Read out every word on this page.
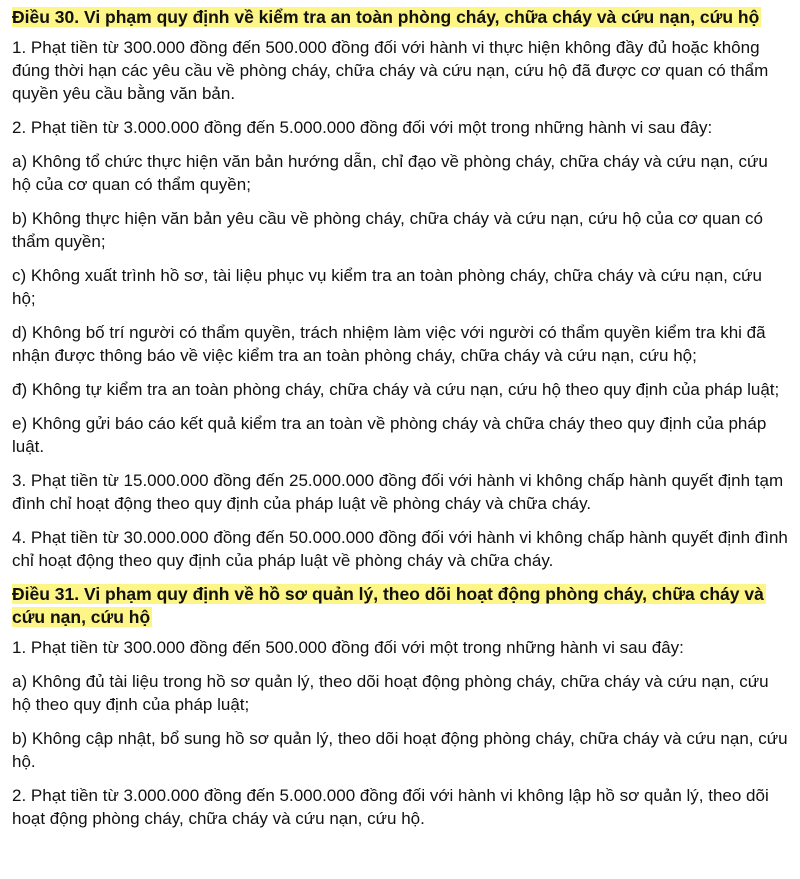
Điều 30. Vi phạm quy định về kiểm tra an toàn phòng cháy, chữa cháy và cứu nạn, cứu hộ

1. Phạt tiền từ 300.000 đồng đến 500.000 đồng đối với hành vi thực hiện không đầy đủ hoặc không đúng thời hạn các yêu cầu về phòng cháy, chữa cháy và cứu nạn, cứu hộ đã được cơ quan có thẩm quyền yêu cầu bằng văn bản.

2. Phạt tiền từ 3.000.000 đồng đến 5.000.000 đồng đối với một trong những hành vi sau đây:

a) Không tổ chức thực hiện văn bản hướng dẫn, chỉ đạo về phòng cháy, chữa cháy và cứu nạn, cứu hộ của cơ quan có thẩm quyền;

b) Không thực hiện văn bản yêu cầu về phòng cháy, chữa cháy và cứu nạn, cứu hộ của cơ quan có thẩm quyền;

c) Không xuất trình hồ sơ, tài liệu phục vụ kiểm tra an toàn phòng cháy, chữa cháy và cứu nạn, cứu hộ;

d) Không bố trí người có thẩm quyền, trách nhiệm làm việc với người có thẩm quyền kiểm tra khi đã nhận được thông báo về việc kiểm tra an toàn phòng cháy, chữa cháy và cứu nạn, cứu hộ;

đ) Không tự kiểm tra an toàn phòng cháy, chữa cháy và cứu nạn, cứu hộ theo quy định của pháp luật;

e) Không gửi báo cáo kết quả kiểm tra an toàn về phòng cháy và chữa cháy theo quy định của pháp luật.

3. Phạt tiền từ 15.000.000 đồng đến 25.000.000 đồng đối với hành vi không chấp hành quyết định tạm đình chỉ hoạt động theo quy định của pháp luật về phòng cháy và chữa cháy.

4. Phạt tiền từ 30.000.000 đồng đến 50.000.000 đồng đối với hành vi không chấp hành quyết định đình chỉ hoạt động theo quy định của pháp luật về phòng cháy và chữa cháy.

Điều 31. Vi phạm quy định về hồ sơ quản lý, theo dõi hoạt động phòng cháy, chữa cháy và cứu nạn, cứu hộ

1. Phạt tiền từ 300.000 đồng đến 500.000 đồng đối với một trong những hành vi sau đây:

a) Không đủ tài liệu trong hồ sơ quản lý, theo dõi hoạt động phòng cháy, chữa cháy và cứu nạn, cứu hộ theo quy định của pháp luật;

b) Không cập nhật, bổ sung hồ sơ quản lý, theo dõi hoạt động phòng cháy, chữa cháy và cứu nạn, cứu hộ.

2. Phạt tiền từ 3.000.000 đồng đến 5.000.000 đồng đối với hành vi không lập hồ sơ quản lý, theo dõi hoạt động phòng cháy, chữa cháy và cứu nạn, cứu hộ.
